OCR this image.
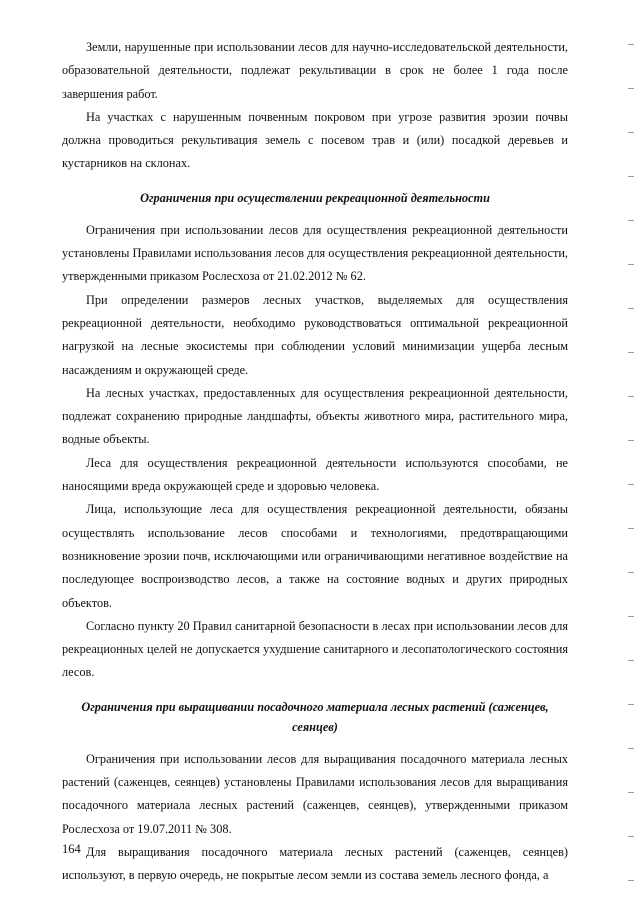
Земли, нарушенные при использовании лесов для научно-исследовательской деятельности, образовательной деятельности, подлежат рекультивации в срок не более 1 года после завершения работ.

На участках с нарушенным почвенным покровом при угрозе развития эрозии почвы должна проводиться рекультивация земель с посевом трав и (или) посадкой деревьев и кустарников на склонах.

Ограничения при осуществлении рекреационной деятельности

Ограничения при использовании лесов для осуществления рекреационной деятельности установлены Правилами использования лесов для осуществления рекреационной деятельности, утвержденными приказом Рослесхоза от 21.02.2012 № 62.

При определении размеров лесных участков, выделяемых для осуществления рекреационной деятельности, необходимо руководствоваться оптимальной рекреационной нагрузкой на лесные экосистемы при соблюдении условий минимизации ущерба лесным насаждениям и окружающей среде.

На лесных участках, предоставленных для осуществления рекреационной деятельности, подлежат сохранению природные ландшафты, объекты животного мира, растительного мира, водные объекты.

Леса для осуществления рекреационной деятельности используются способами, не наносящими вреда окружающей среде и здоровью человека.

Лица, использующие леса для осуществления рекреационной деятельности, обязаны осуществлять использование лесов способами и технологиями, предотвращающими возникновение эрозии почв, исключающими или ограничивающими негативное воздействие на последующее воспроизводство лесов, а также на состояние водных и других природных объектов.

Согласно пункту 20 Правил санитарной безопасности в лесах при использовании лесов для рекреационных целей не допускается ухудшение санитарного и лесопатологического состояния лесов.

Ограничения при выращивании посадочного материала лесных растений (саженцев, сеянцев)

Ограничения при использовании лесов для выращивания посадочного материала лесных растений (саженцев, сеянцев) установлены Правилами использования лесов для выращивания посадочного материала лесных растений (саженцев, сеянцев), утвержденными приказом Рослесхоза от 19.07.2011 № 308.

Для выращивания посадочного материала лесных растений (саженцев, сеянцев) используют, в первую очередь, не покрытые лесом земли из состава земель лесного фонда, а

164
